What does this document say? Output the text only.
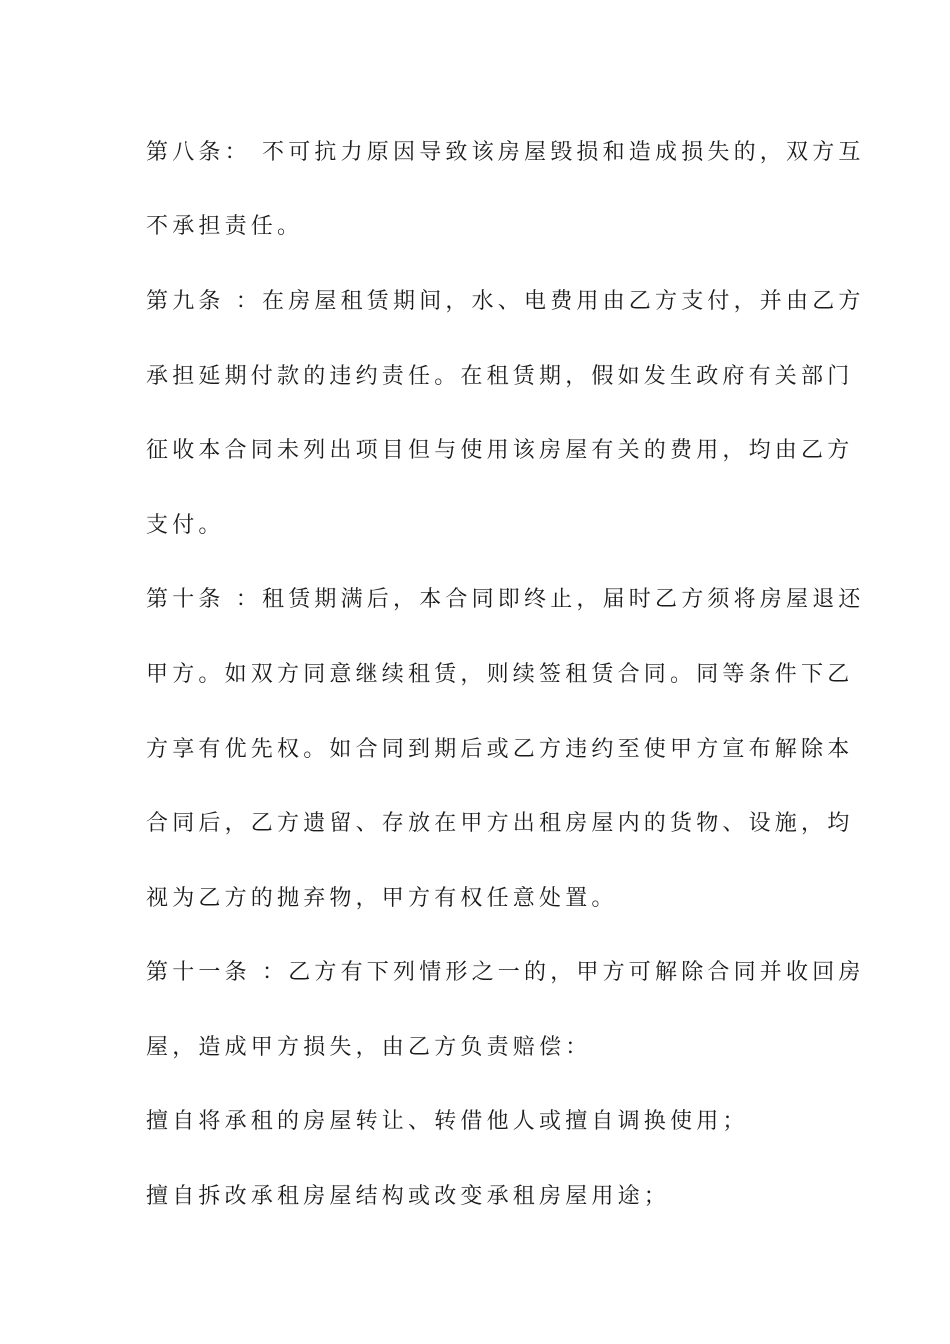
第八条： 不可抗力原因导致该房屋毁损和造成损失的，双方互
不承担责任。
第九条 ：在房屋租赁期间，水、电费用由乙方支付，并由乙方
承担延期付款的违约责任。在租赁期，假如发生政府有关部门
征收本合同未列出项目但与使用该房屋有关的费用，均由乙方
支付。
第十条 ：租赁期满后，本合同即终止，届时乙方须将房屋退还
甲方。如双方同意继续租赁，则续签租赁合同。同等条件下乙
方享有优先权。如合同到期后或乙方违约至使甲方宣布解除本
合同后，乙方遗留、存放在甲方出租房屋内的货物、设施，均
视为乙方的抛弃物，甲方有权任意处置。
第十一条 ：乙方有下列情形之一的，甲方可解除合同并收回房
屋，造成甲方损失，由乙方负责赔偿：
擅自将承租的房屋转让、转借他人或擅自调换使用；
擅自拆改承租房屋结构或改变承租房屋用途；
